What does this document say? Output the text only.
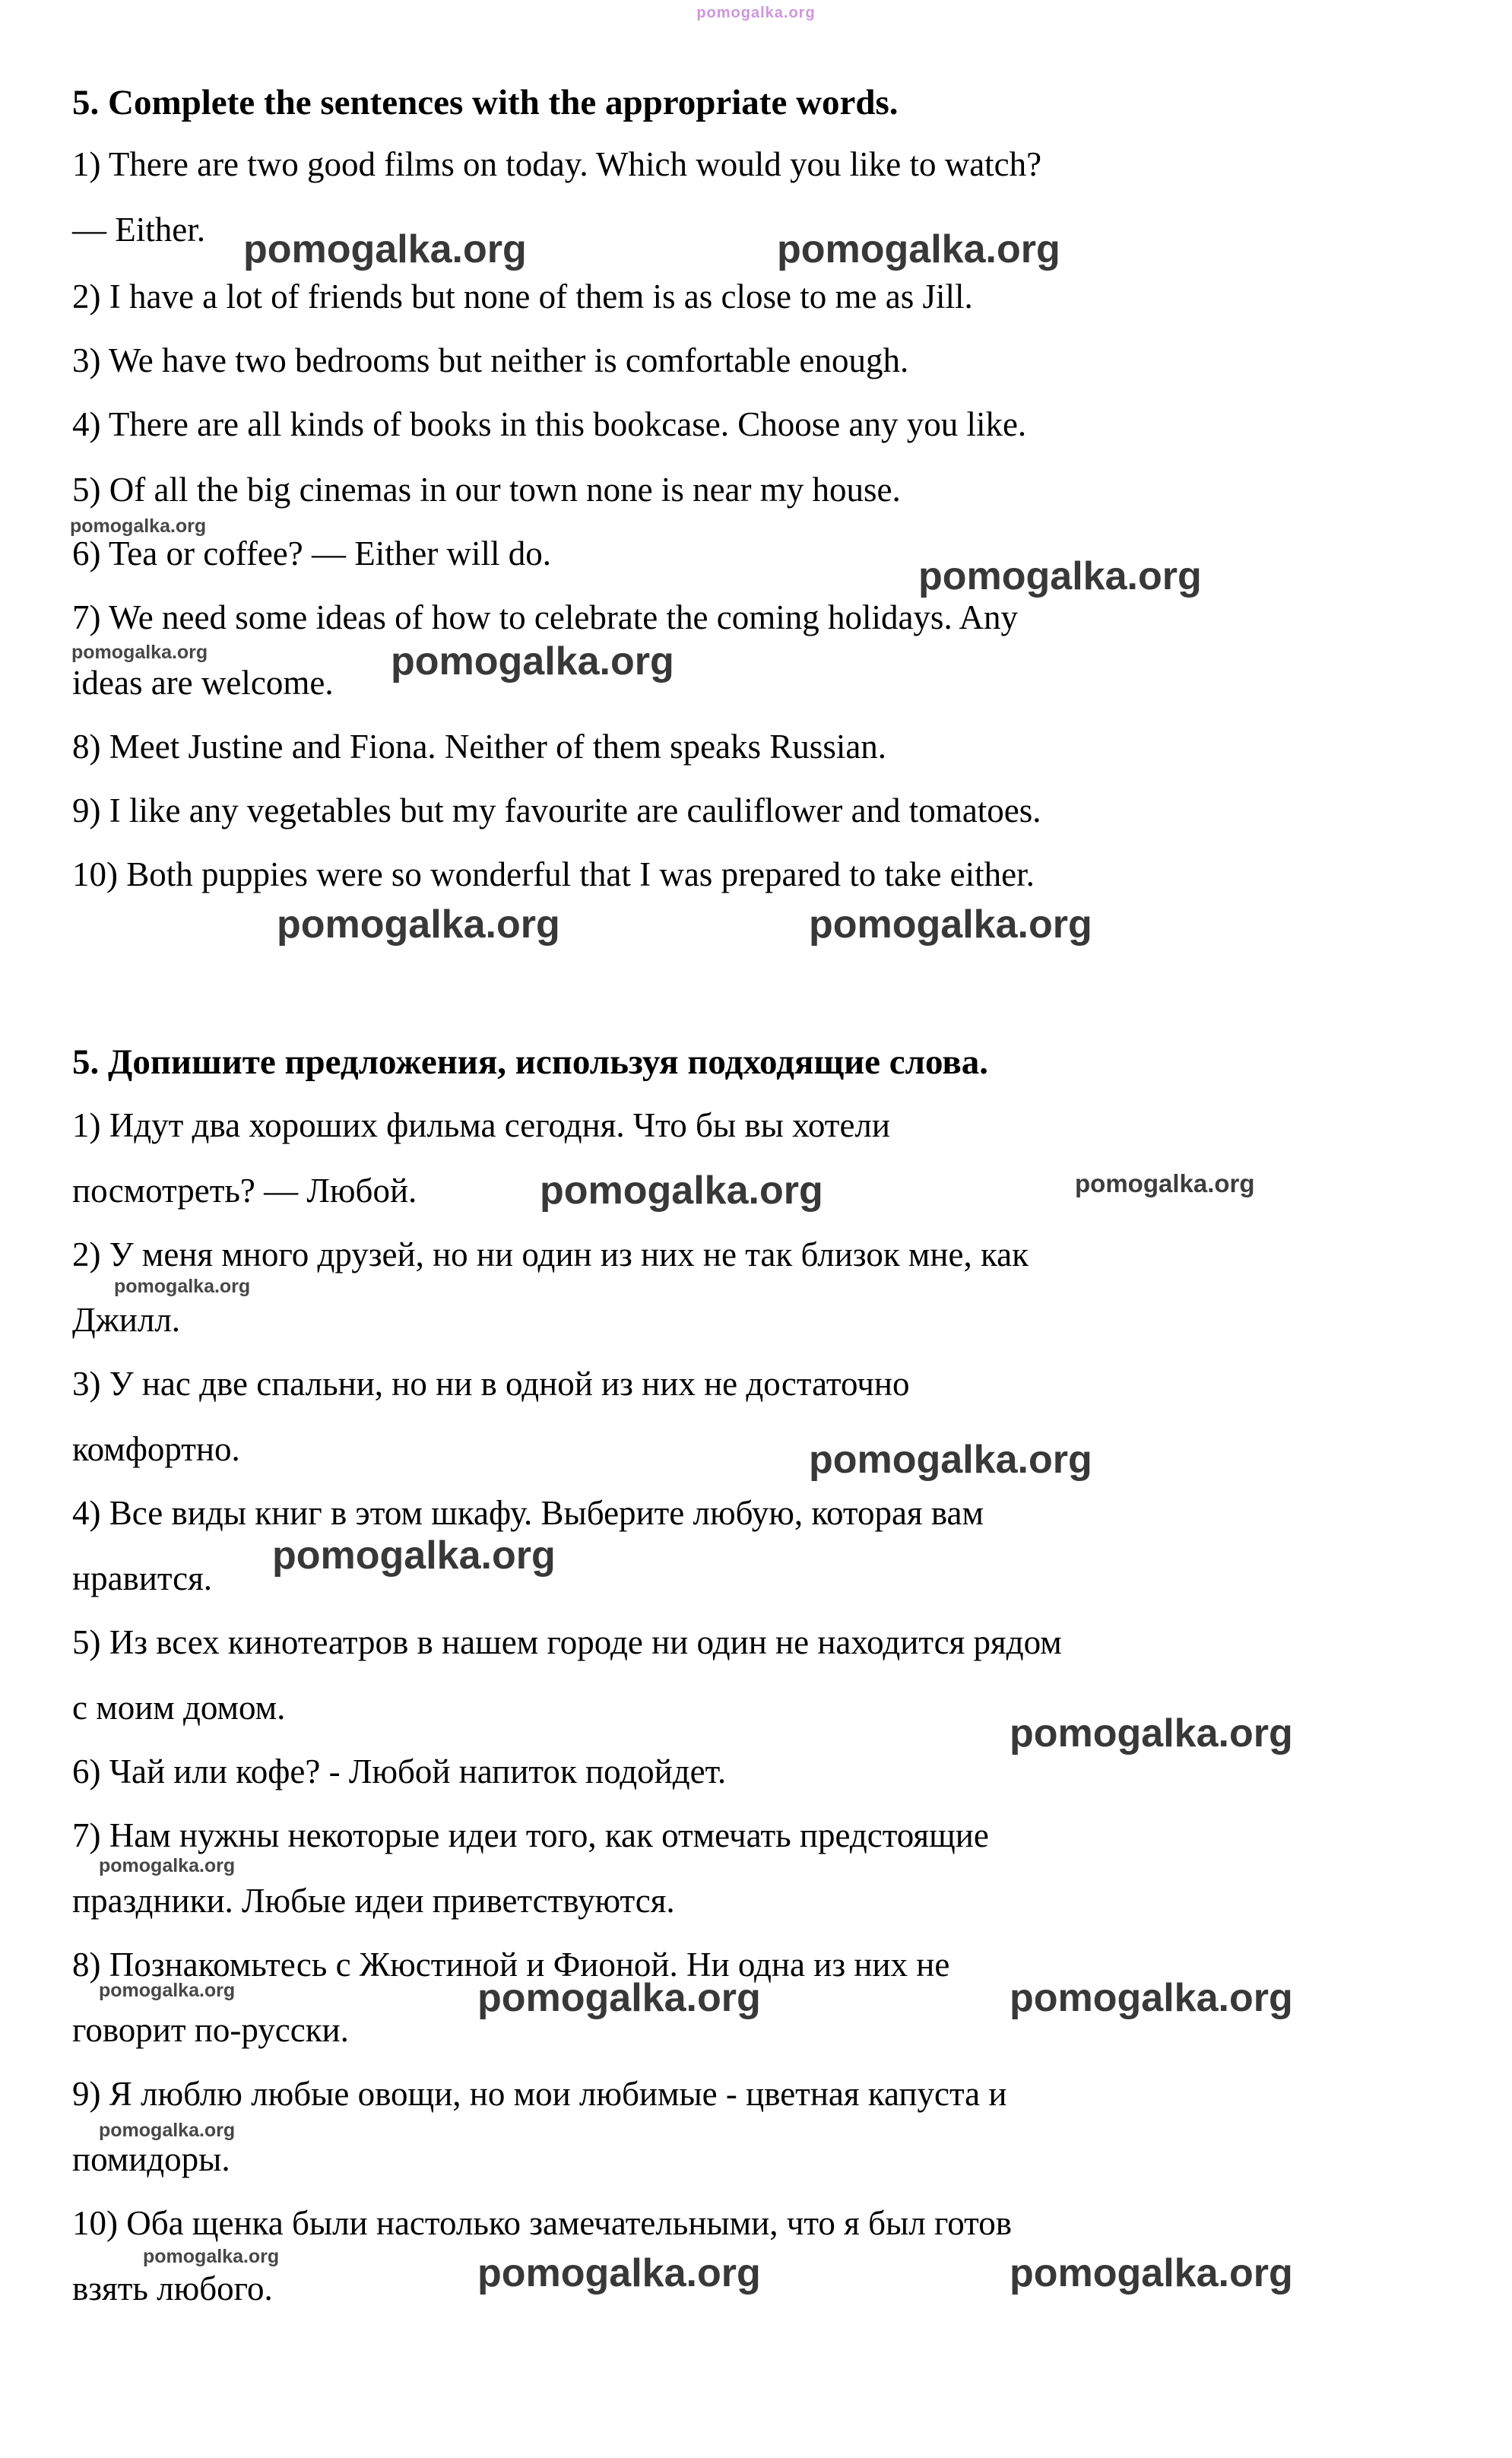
pomogalka.org
5. Complete the sentences with the appropriate words.
1) There are two good films on today. Which would you like to watch?
— Either. pomogalka.org	pomogalka.org
2) I have a lot of friends but none of them is as close to me as Jill.
3) We have two bedrooms but neither is comfortable enough.
4) There are all kinds of books in this bookcase. Choose any you like.
5) Of all the big cinemas in our town none is near my house.
pomogalka.org
6) Tea or coffee? — Either will do.
pomogalka.org
7) We need some ideas of how to celebrate the coming holidays. Any
pomogalka.org	pomogalka.org
ideas are welcome.
8) Meet Justine and Fiona. Neither of them speaks Russian.
9) I like any vegetables but my favourite are cauliflower and tomatoes.
10) Both puppies were so wonderful that I was prepared to take either.
pomogalka.org	pomogalka.org
5. Допишите предложения, используя подходящие слова.
1) Идут два хороших фильма сегодня. Что бы вы хотели
посмотреть? — Любой.	pomogalka.org	pomogalka.org
2) У меня много друзей, но ни один из них не так близок мне, как
pomogalka.org
Джилл.
3) У нас две спальни, но ни в одной из них не достаточно
комфортно.	pomogalka.org
4) Все виды книг в этом шкафу. Выберите любую, которая вам
pomogalka.org
нравится.
5) Из всех кинотеатров в нашем городе ни один не находится рядом
с моим домом.
pomogalka.org
6) Чай или кофе? - Любой напиток подойдет.
7) Нам нужны некоторые идеи того, как отмечать предстоящие
pomogalka.org
праздники. Любые идеи приветствуются.
8) Познакомьтесь с Жюстиной и Фионой. Ни одна из них не
pomogalka.org	pomogalka.org	pomogalka.org
говорит по-русски.
9) Я люблю любые овощи, но мои любимые - цветная капуста и
pomogalka.org
помидоры.
10) Оба щенка были настолько замечательными, что я был готов
pomogalka.org	pomogalka.org	pomogalka.org
взять любого.
